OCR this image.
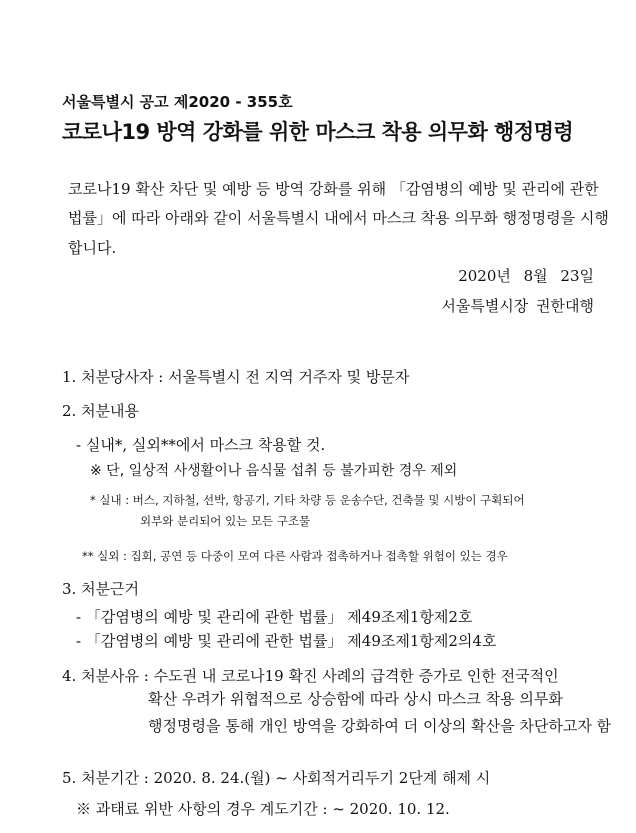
서울특별시 공고 제2020 - 355호
코로나19 방역 강화를 위한 마스크 착용 의무화 행정명령
코로나19 확산 차단 및 예방 등 방역 강화를 위해 「감염병의 예방 및 관리에 관한
법률」에 따라 아래와 같이 서울특별시 내에서 마스크 착용 의무화 행정명령을 시행
합니다.
2020년 8월 23일
서울특별시장 권한대행
1. 처분당사자 : 서울특별시 전 지역 거주자 및 방문자
2. 처분내용
- 실내*, 실외**에서 마스크 착용할 것.
※ 단, 일상적 사생활이나 음식물 섭취 등 불가피한 경우 제외
* 실내 : 버스, 지하철, 선박, 항공기, 기타 차량 등 운송수단, 건축물 및 시방이 구획되어
외부와 분리되어 있는 모든 구조물
** 실외 : 집회, 공연 등 다중이 모여 다른 사람과 접촉하거나 접촉할 위험이 있는 경우
3. 처분근거
- 「감염병의 예방 및 관리에 관한 법률」 제49조제1항제2호
- 「감염병의 예방 및 관리에 관한 법률」 제49조제1항제2의4호
4. 처분사유 : 수도권 내 코로나19 확진 사례의 급격한 증가로 인한 전국적인
확산 우려가 위협적으로 상승함에 따라 상시 마스크 착용 의무화
행정명령을 통해 개인 방역을 강화하여 더 이상의 확산을 차단하고자 함
5. 처분기간 : 2020. 8. 24.(월) ~ 사회적거리두기 2단계 해제 시
※ 과태료 위반 사항의 경우 계도기간 : ~ 2020. 10. 12.
